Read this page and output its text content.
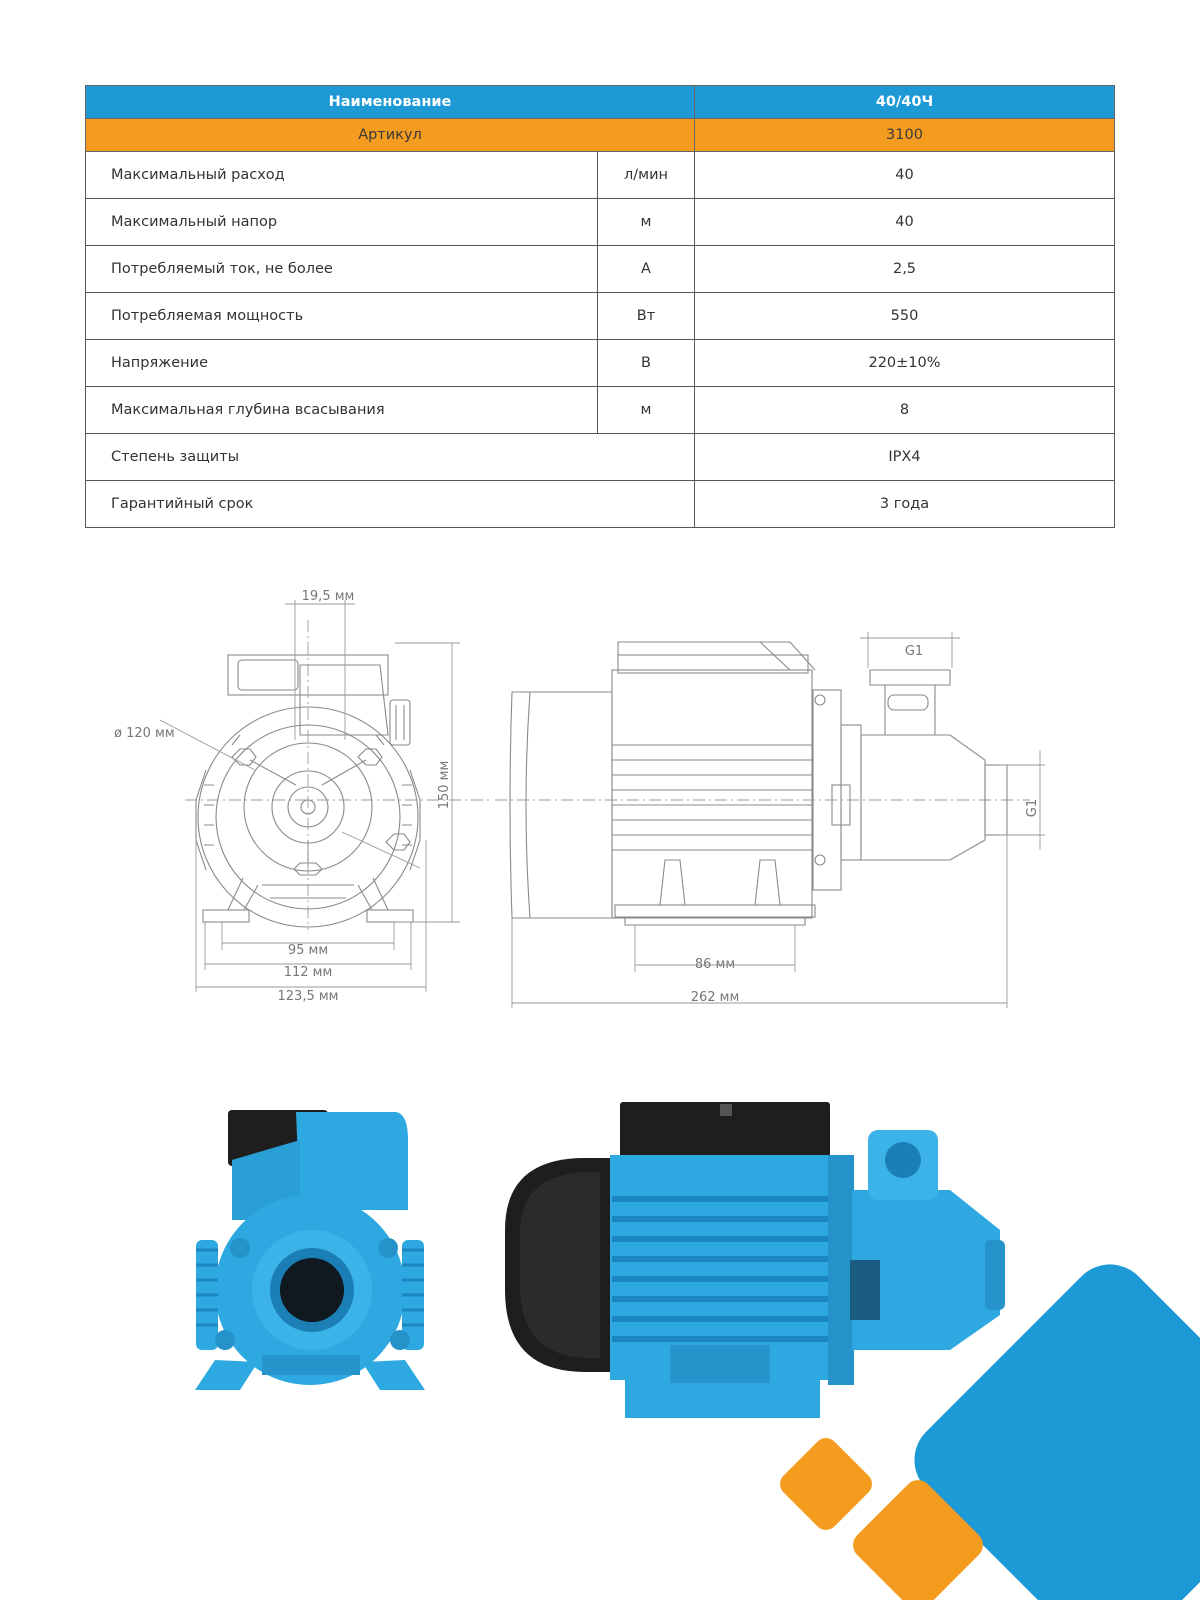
Наименование		40/40Ч
Артикул		3100
Максимальный расход	л/мин	40
Максимальный напор	м	40
Потребляемый ток, не более	А	2,5
Потребляемая мощность	Вт	550
Напряжение	В	220±10%
Максимальная глубина всасывания	м	8
Степень защиты		IPX4
Гарантийный срок		3 года
19,5 мм
ø 120 мм
150 мм
95 мм
112 мм
123,5 мм
G1
G1
86 мм
262 мм
